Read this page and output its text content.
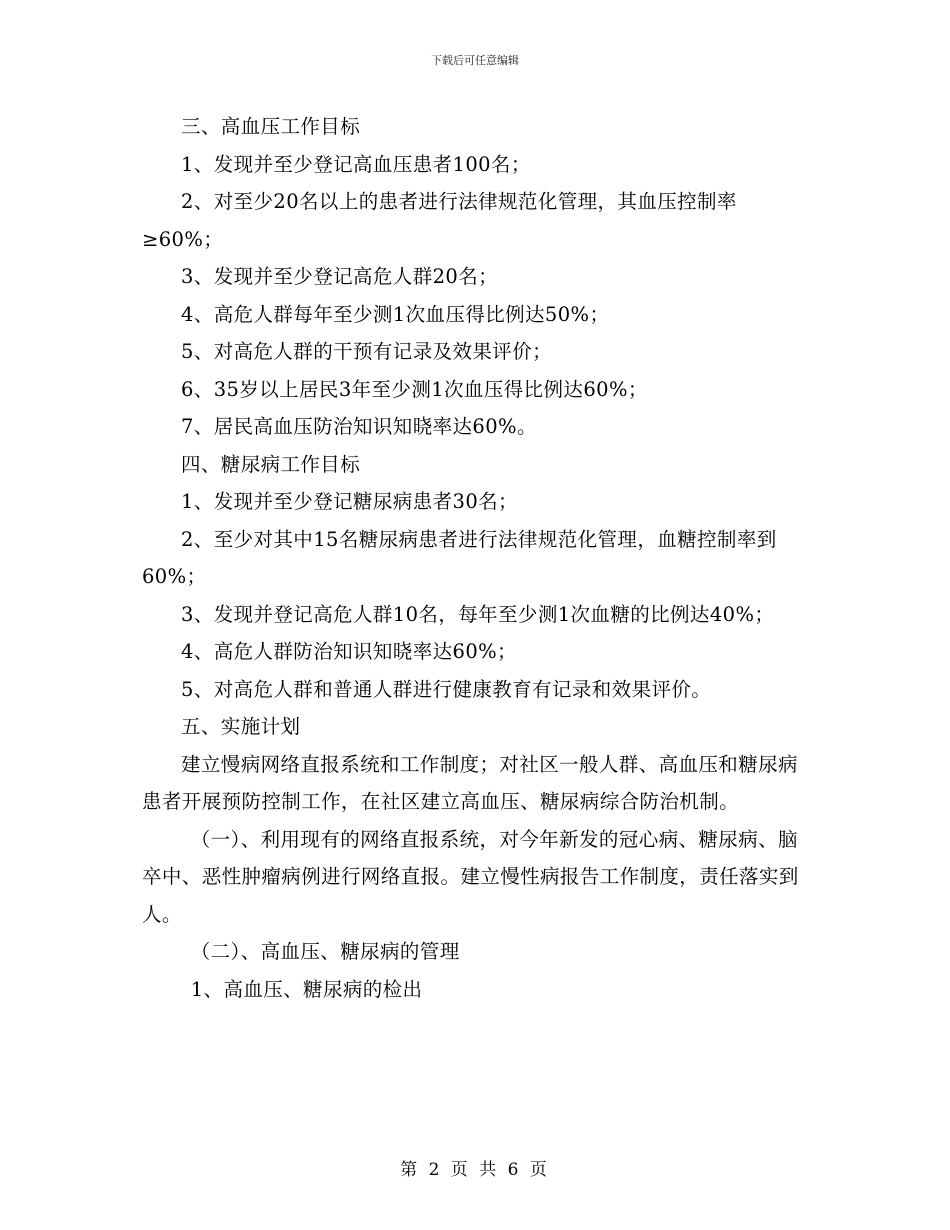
下载后可任意编辑

三、高血压工作目标

1、发现并至少登记高血压患者100名；

2、对至少20名以上的患者进行法律规范化管理，其血压控制率≥60%；

3、发现并至少登记高危人群20名；

4、高危人群每年至少测1次血压得比例达50%；

5、对高危人群的干预有记录及效果评价；

6、35岁以上居民3年至少测1次血压得比例达60%；

7、居民高血压防治知识知晓率达60%。

四、糖尿病工作目标

1、发现并至少登记糖尿病患者30名；

2、至少对其中15名糖尿病患者进行法律规范化管理，血糖控制率到60%；

3、发现并登记高危人群10名，每年至少测1次血糖的比例达40%；

4、高危人群防治知识知晓率达60%；

5、对高危人群和普通人群进行健康教育有记录和效果评价。

五、实施计划

建立慢病网络直报系统和工作制度；对社区一般人群、高血压和糖尿病患者开展预防控制工作，在社区建立高血压、糖尿病综合防治机制。

（一）、利用现有的网络直报系统，对今年新发的冠心病、糖尿病、脑卒中、恶性肿瘤病例进行网络直报。建立慢性病报告工作制度，责任落实到人。

（二）、高血压、糖尿病的管理

1、高血压、糖尿病的检出

第 2 页 共 6 页
